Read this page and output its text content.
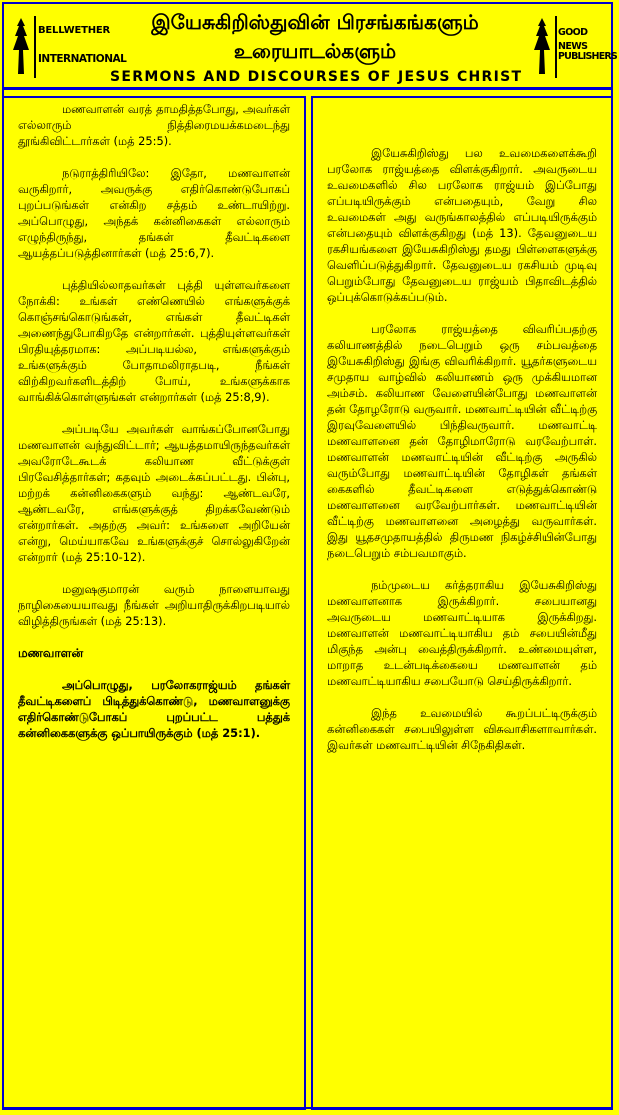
BELLWETHER
INTERNATIONAL
இயேசுகிறிஸ்துவின் பிரசங்கங்களும்
உரையாடல்களும்
SERMONS AND DISCOURSES OF JESUS CHRIST
GOOD NEWS
PUBLISHERS

மணவாளன் வரத் தாமதித்தபோது, அவர்கள் எல்லாரும் நித்திரைமயக்கமடைந்து தூங்கிவிட்டார்கள் (மத் 25:5).

நடுராத்திரியிலே: இதோ, மணவாளன் வருகிறார், அவருக்கு எதிர்கொண்டுபோகப் புறப்படுங்கள் என்கிற சத்தம் உண்டாயிற்று. அப்பொழுது, அந்தக் கன்னிகைகள் எல்லாரும் எழுந்திருந்து, தங்கள் தீவட்டிகளை ஆயத்தப்படுத்தினார்கள் (மத் 25:6,7).

புத்தியில்லாதவர்கள் புத்தி யுள்ளவர்களை நோக்கி: உங்கள் எண்ணெயில் எங்களுக்குக் கொஞ்சங்கொடுங்கள், எங்கள் தீவட்டிகள் அணைந்துபோகிறதே என்றார்கள். புத்தியுள்ளவர்கள் பிரதியுத்தரமாக: அப்படியல்ல, எங்களுக்கும் உங்களுக்கும் போதாமலிராதபடி, நீங்கள் விற்கிறவர்களிடத்திற் போய், உங்களுக்காக வாங்கிக்கொள்ளுங்கள் என்றார்கள் (மத் 25:8,9).

அப்படியே அவர்கள் வாங்கப்போனபோது மணவாளன் வந்துவிட்டார்; ஆயத்தமாயிருந்தவர்கள் அவரோடேகூடக் கலியாண வீட்டுக்குள் பிரவேசித்தார்கள்; கதவும் அடைக்கப்பட்டது. பின்பு, மற்றக் கன்னிகைகளும் வந்து: ஆண்டவரே, ஆண்டவரே, எங்களுக்குத் திறக்கவேண்டும் என்றார்கள். அதற்கு அவர்: உங்களை அறியேன் என்று, மெய்யாகவே உங்களுக்குச் சொல்லுகிறேன் என்றார் (மத் 25:10-12).

மனுஷகுமாரன் வரும் நாளையாவது நாழிகையையாவது நீங்கள் அறியாதிருக்கிறபடியால் விழித்திருங்கள் (மத் 25:13).

மணவாளன்

அப்பொழுது, பரலோகராஜ்யம் தங்கள் தீவட்டிகளைப் பிடித்துக்கொண்டு, மணவாளனுக்கு எதிர்கொண்டுபோகப் புறப்பட்ட பத்துக் கன்னிகைகளுக்கு ஒப்பாயிருக்கும் (மத் 25:1).

இயேசுகிறிஸ்து பல உவமைகளைக்கூறி பரலோக ராஜ்யத்தை விளக்குகிறார். அவருடைய உவமைகளில் சில பரலோக ராஜ்யம் இப்போது எப்படியிருக்கும் என்பதையும், வேறு சில உவமைகள் அது வருங்காலத்தில் எப்படியிருக்கும் என்பதையும் விளக்குகிறது (மத் 13). தேவனுடைய ரகசியங்களை இயேசுகிறிஸ்து தமது பிள்ளைகளுக்கு வெளிப்படுத்துகிறார். தேவனுடைய ரகசியம் முடிவு பெறும்போது தேவனுடைய ராஜ்யம் பிதாவிடத்தில் ஒப்புக்கொடுக்கப்படும்.

பரலோக ராஜ்யத்தை விவரிப்பதற்கு கலியாணத்தில் நடைபெறும் ஒரு சம்பவத்தை இயேசுகிறிஸ்து இங்கு விவரிக்கிறார். யூதர்களுடைய சமுதாய வாழ்வில் கலியாணம் ஒரு முக்கியமான அம்சம். கலியாண வேளையின்போது மணவாளன் தன் தோழரோடு வருவார். மணவாட்டியின் வீட்டிற்கு இரவுவேளையில் பிந்திவருவார். மணவாட்டி மணவாளனை தன் தோழிமாரோடு வரவேற்பாள். மணவாளன் மணவாட்டியின் வீட்டிற்கு அருகில் வரும்போது மணவாட்டியின் தோழிகள் தங்கள் கைகளில் தீவட்டிகளை எடுத்துக்கொண்டு மணவாளனை வரவேற்பார்கள். மணவாட்டியின் வீட்டிற்கு மணவாளனை அழைத்து வருவார்கள். இது யூதசமுதாயத்தில் திருமண நிகழ்ச்சியின்போது நடைபெறும் சம்பவமாகும்.

நம்முடைய கர்த்தராகிய இயேசுகிறிஸ்து மணவாளனாக இருக்கிறார். சபையானது அவருடைய மணவாட்டியாக இருக்கிறது. மணவாளன் மணவாட்டியாகிய தம் சபையின்மீது மிகுந்த அன்பு வைத்திருக்கிறார். உண்மையுள்ள, மாறாத உடன்படிக்கையை மணவாளன் தம் மணவாட்டியாகிய சபையோடு செய்திருக்கிறார்.

இந்த உவமையில் கூறப்பட்டிருக்கும் கன்னிகைகள் சபையிலுள்ள விசுவாசிகளாவார்கள். இவர்கள் மணவாட்டியின் சிநேகிதிகள்.
